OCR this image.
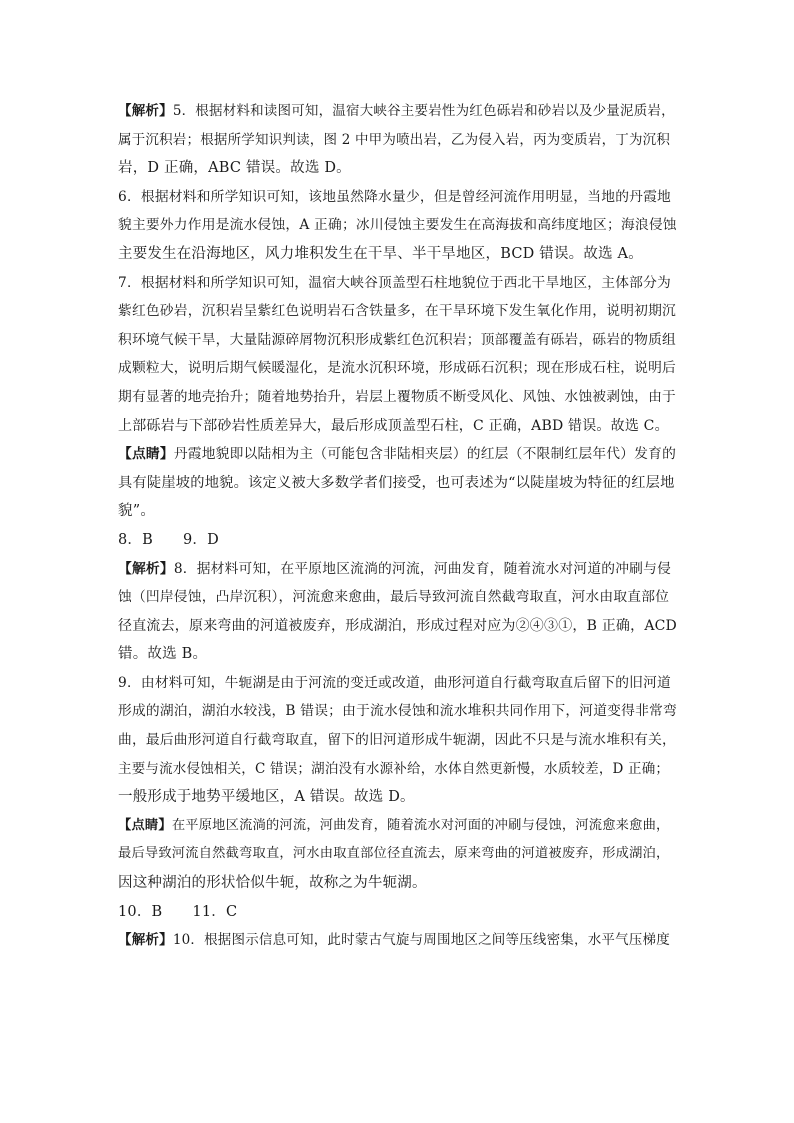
【解析】5．根据材料和读图可知，温宿大峡谷主要岩性为红色砾岩和砂岩以及少量泥质岩，
属于沉积岩；根据所学知识判读，图 2 中甲为喷出岩，乙为侵入岩，丙为变质岩，丁为沉积
岩，D 正确，ABC 错误。故选 D。
6．根据材料和所学知识可知，该地虽然降水量少，但是曾经河流作用明显，当地的丹霞地
貌主要外力作用是流水侵蚀，A 正确；冰川侵蚀主要发生在高海拔和高纬度地区；海浪侵蚀
主要发生在沿海地区，风力堆积发生在干旱、半干旱地区，BCD 错误。故选 A。
7．根据材料和所学知识可知，温宿大峡谷顶盖型石柱地貌位于西北干旱地区，主体部分为
紫红色砂岩，沉积岩呈紫红色说明岩石含铁量多，在干旱环境下发生氧化作用，说明初期沉
积环境气候干旱，大量陆源碎屑物沉积形成紫红色沉积岩；顶部覆盖有砾岩，砾岩的物质组
成颗粒大，说明后期气候暖湿化，是流水沉积环境，形成砾石沉积；现在形成石柱，说明后
期有显著的地壳抬升；随着地势抬升，岩层上覆物质不断受风化、风蚀、水蚀被剥蚀，由于
上部砾岩与下部砂岩性质差异大，最后形成顶盖型石柱，C 正确，ABD 错误。故选 C。
【点睛】丹霞地貌即以陆相为主（可能包含非陆相夹层）的红层（不限制红层年代）发育的
具有陡崖坡的地貌。该定义被大多数学者们接受，也可表述为“以陡崖坡为特征的红层地
貌”。
8．B 9．D
【解析】8．据材料可知，在平原地区流淌的河流，河曲发育，随着流水对河道的冲刷与侵
蚀（凹岸侵蚀，凸岸沉积），河流愈来愈曲，最后导致河流自然截弯取直，河水由取直部位
径直流去，原来弯曲的河道被废弃，形成湖泊，形成过程对应为②④③①，B 正确，ACD
错。故选 B。
9．由材料可知，牛轭湖是由于河流的变迁或改道，曲形河道自行截弯取直后留下的旧河道
形成的湖泊，湖泊水较浅，B 错误；由于流水侵蚀和流水堆积共同作用下，河道变得非常弯
曲，最后曲形河道自行截弯取直，留下的旧河道形成牛轭湖，因此不只是与流水堆积有关，
主要与流水侵蚀相关，C 错误；湖泊没有水源补给，水体自然更新慢，水质较差，D 正确；
一般形成于地势平缓地区，A 错误。故选 D。
【点睛】在平原地区流淌的河流，河曲发育，随着流水对河面的冲刷与侵蚀，河流愈来愈曲，
最后导致河流自然截弯取直，河水由取直部位径直流去，原来弯曲的河道被废弃，形成湖泊，
因这种湖泊的形状恰似牛轭，故称之为牛轭湖。
10．B 11．C
【解析】10．根据图示信息可知，此时蒙古气旋与周围地区之间等压线密集，水平气压梯度
